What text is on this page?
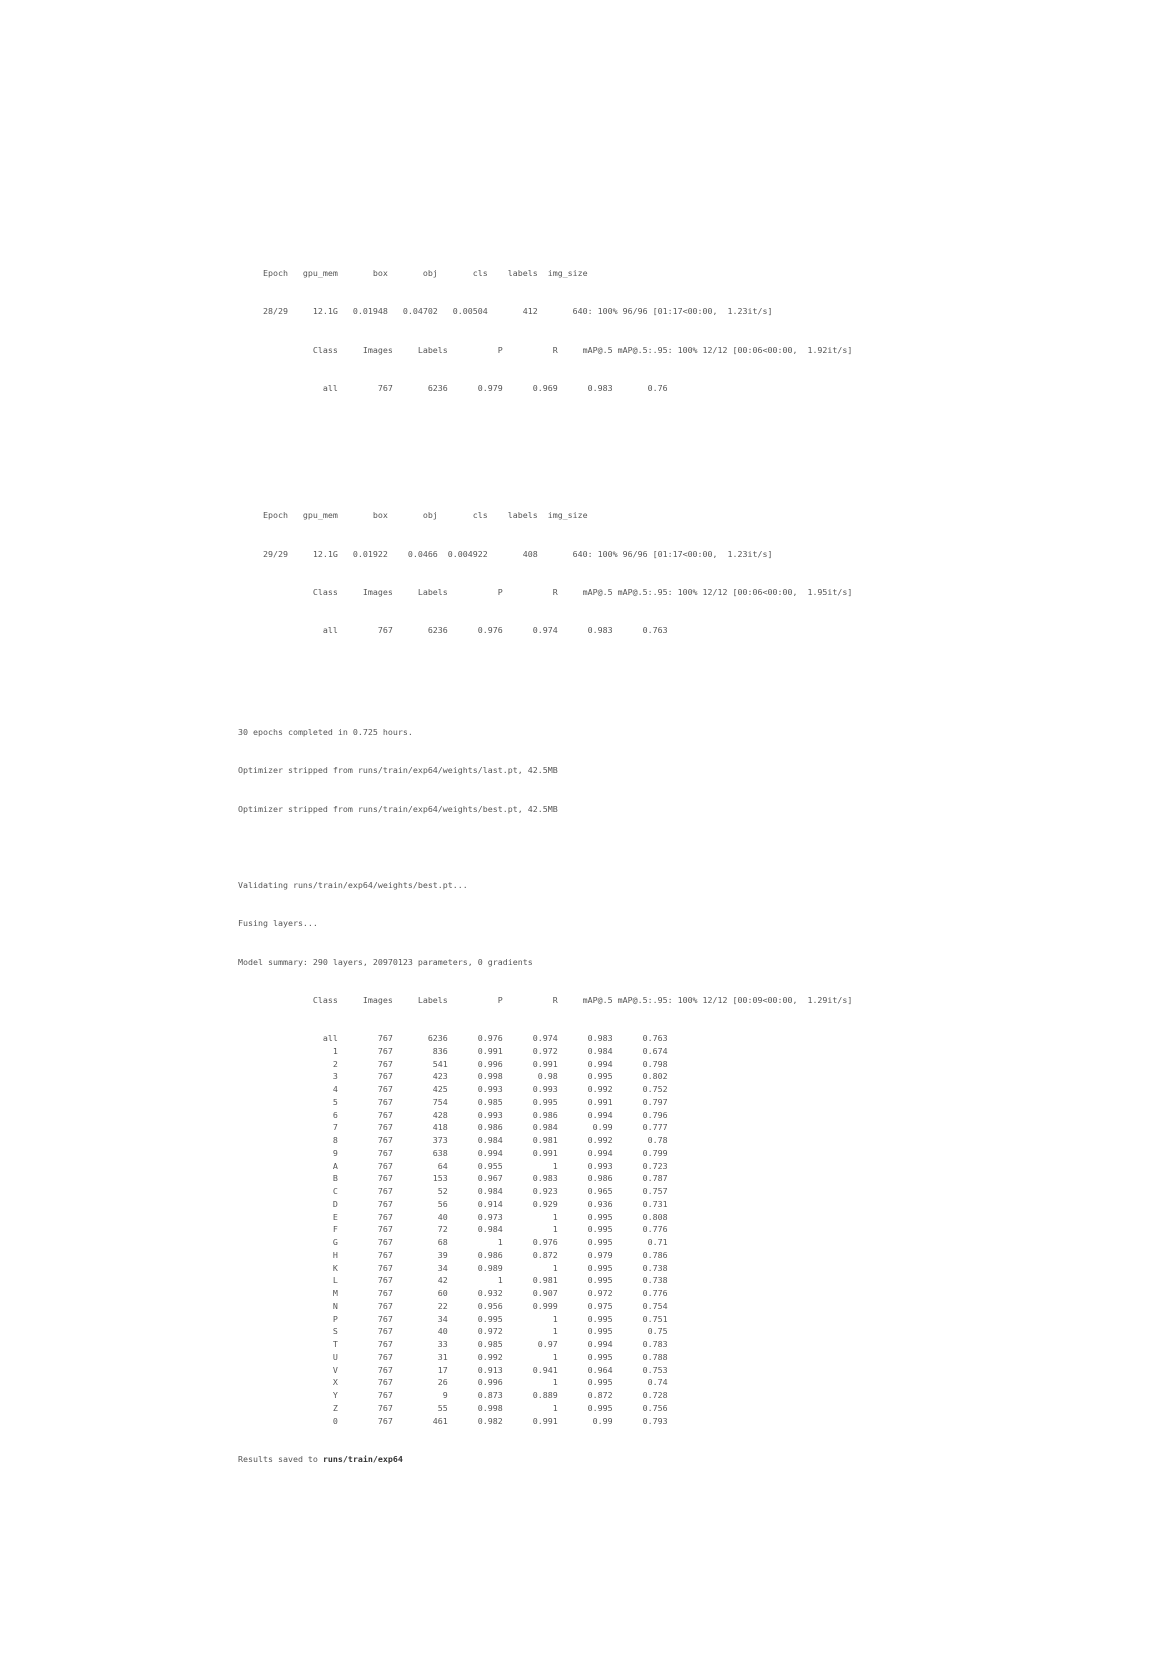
Epoch   gpu_mem       box       obj       cls    labels  img_size

28/29     12.1G   0.01948   0.04702   0.00504       412       640: 100% 96/96 [01:17<00:00,  1.23it/s]

Class     Images     Labels          P          R     mAP@.5 mAP@.5:.95: 100% 12/12 [00:06<00:00,  1.92it/s]

all        767       6236      0.979      0.969      0.983       0.76

Epoch   gpu_mem       box       obj       cls    labels  img_size

29/29     12.1G   0.01922    0.0466  0.004922       408       640: 100% 96/96 [01:17<00:00,  1.23it/s]

Class     Images     Labels          P          R     mAP@.5 mAP@.5:.95: 100% 12/12 [00:06<00:00,  1.95it/s]

all        767       6236      0.976      0.974      0.983      0.763

30 epochs completed in 0.725 hours.

Optimizer stripped from runs/train/exp64/weights/last.pt, 42.5MB

Optimizer stripped from runs/train/exp64/weights/best.pt, 42.5MB

Validating runs/train/exp64/weights/best.pt...

Fusing layers...

Model summary: 290 layers, 20970123 parameters, 0 gradients

Class     Images     Labels          P          R     mAP@.5 mAP@.5:.95: 100% 12/12 [00:09<00:00,  1.29it/s]

all        767       6236      0.976      0.974      0.983      0.763
1        767        836      0.991      0.972      0.984      0.674
2        767        541      0.996      0.991      0.994      0.798
3        767        423      0.998       0.98      0.995      0.802
4        767        425      0.993      0.993      0.992      0.752
5        767        754      0.985      0.995      0.991      0.797
6        767        428      0.993      0.986      0.994      0.796
7        767        418      0.986      0.984       0.99      0.777
8        767        373      0.984      0.981      0.992       0.78
9        767        638      0.994      0.991      0.994      0.799
A        767         64      0.955          1      0.993      0.723
B        767        153      0.967      0.983      0.986      0.787
C        767         52      0.984      0.923      0.965      0.757
D        767         56      0.914      0.929      0.936      0.731
E        767         40      0.973          1      0.995      0.808
F        767         72      0.984          1      0.995      0.776
G        767         68          1      0.976      0.995       0.71
H        767         39      0.986      0.872      0.979      0.786
K        767         34      0.989          1      0.995      0.738
L        767         42          1      0.981      0.995      0.738
M        767         60      0.932      0.907      0.972      0.776
N        767         22      0.956      0.999      0.975      0.754
P        767         34      0.995          1      0.995      0.751
S        767         40      0.972          1      0.995       0.75
T        767         33      0.985       0.97      0.994      0.783
U        767         31      0.992          1      0.995      0.788
V        767         17      0.913      0.941      0.964      0.753
X        767         26      0.996          1      0.995       0.74
Y        767          9      0.873      0.889      0.872      0.728
Z        767         55      0.998          1      0.995      0.756
0        767        461      0.982      0.991       0.99      0.793

Results saved to runs/train/exp64
